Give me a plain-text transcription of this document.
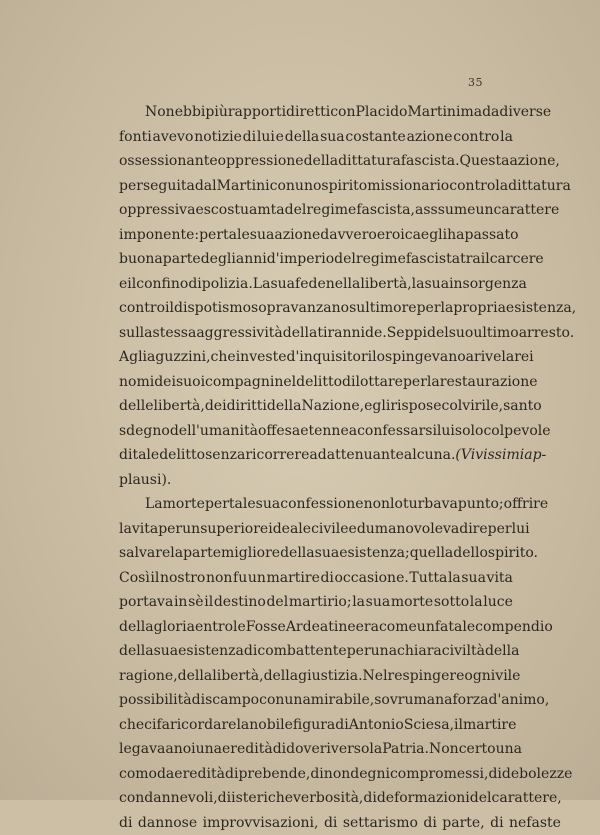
35
Non ebbi più rapporti diretti con Placido Martini ma da diverse
fonti avevo notizie di lui e della sua costante azione contro la
ossessionante oppressione della dittatura fascista. Questa azione,
perseguita dal Martini con uno spirito missionario contro la dittatura
oppressiva e scostuamta del regime fascista, asssume un carattere
imponente: per tale sua azione davvero eroica egli ha passato
buona parte degli anni d'imperio del regime fascista tra il carcere
e il confino di polizia. La sua fede nella libertà, la sua insorgenza
contro il dispotismo sopravanzano sul timore per la propria esistenza,
sulla stessa aggressività della tirannide. Seppi del suo ultimo arresto.
Agli aguzzini, che in veste d'inquisitori lo spingevano a rivelare i
nomi dei suoi compagni nel delitto di lottare per la restaurazione
delle libertà, dei diritti della Nazione, egli rispose col virile, santo
sdegno dell'umanità offesa e tenne a confessarsi lui solo colpevole
di tale delitto senza ricorrere ad attenuante alcuna. (Vivissimi ap-
plausi).
La morte per tale sua confessione non lo turbava punto; offrire
la vita per un superiore ideale civile ed umano voleva dire per lui
salvare la parte migliore della sua esistenza; quella dello spirito.
Così il nostro non fu un martire di occasione. Tutta la sua vita
portava in sè il destino del martirio; la sua morte sotto la luce
della gloria entro le Fosse Ardeatine era come un fatale compendio
della sua esistenza di combattente per una chiara civiltà della
ragione, della libertà, della giustizia. Nel respingere ogni vile
possibilità di scampo con una mirabile, sovrumana forza d'animo,
che ci fa ricordare la nobile figura di Antonio Sciesa, il martire
legava a noi una eredità di doveri verso la Patria. Non certo una
comoda eredità di prebende, di non degni compromessi, di debolezze
condannevoli, di isteriche verbosità, di deformazioni del carattere,
di dannose improvvisazioni, di settarismo di parte, di nefaste
